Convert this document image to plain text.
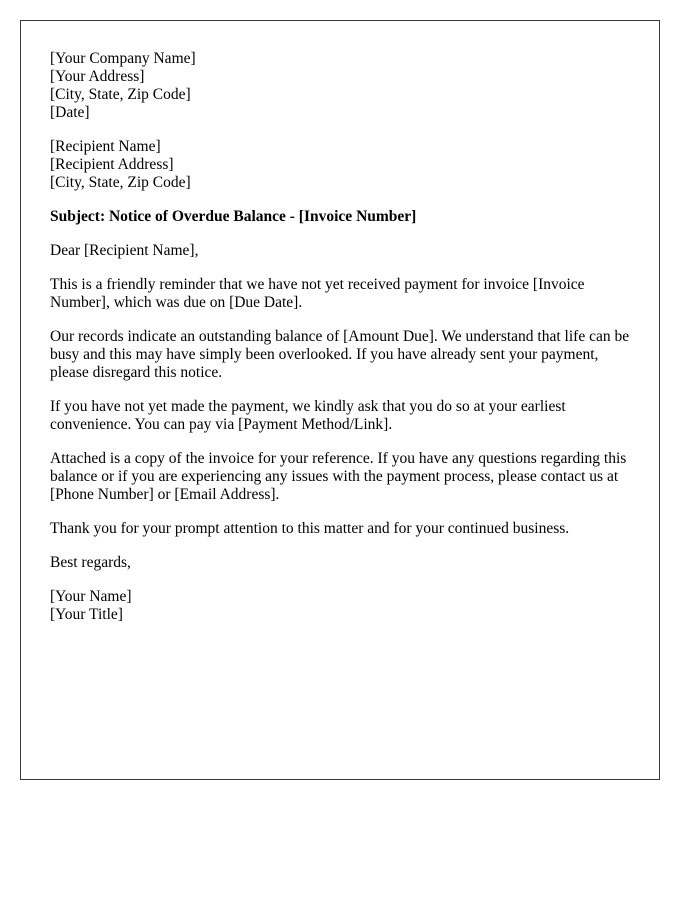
[Your Company Name]
[Your Address]
[City, State, Zip Code]
[Date]
[Recipient Name]
[Recipient Address]
[City, State, Zip Code]

Subject: Notice of Overdue Balance - [Invoice Number]

Dear [Recipient Name],

This is a friendly reminder that we have not yet received payment for invoice [Invoice Number], which was due on [Due Date].

Our records indicate an outstanding balance of [Amount Due]. We understand that life can be busy and this may have simply been overlooked. If you have already sent your payment, please disregard this notice.

If you have not yet made the payment, we kindly ask that you do so at your earliest convenience. You can pay via [Payment Method/Link].

Attached is a copy of the invoice for your reference. If you have any questions regarding this balance or if you are experiencing any issues with the payment process, please contact us at [Phone Number] or [Email Address].

Thank you for your prompt attention to this matter and for your continued business.

Best regards,

[Your Name]
[Your Title]
